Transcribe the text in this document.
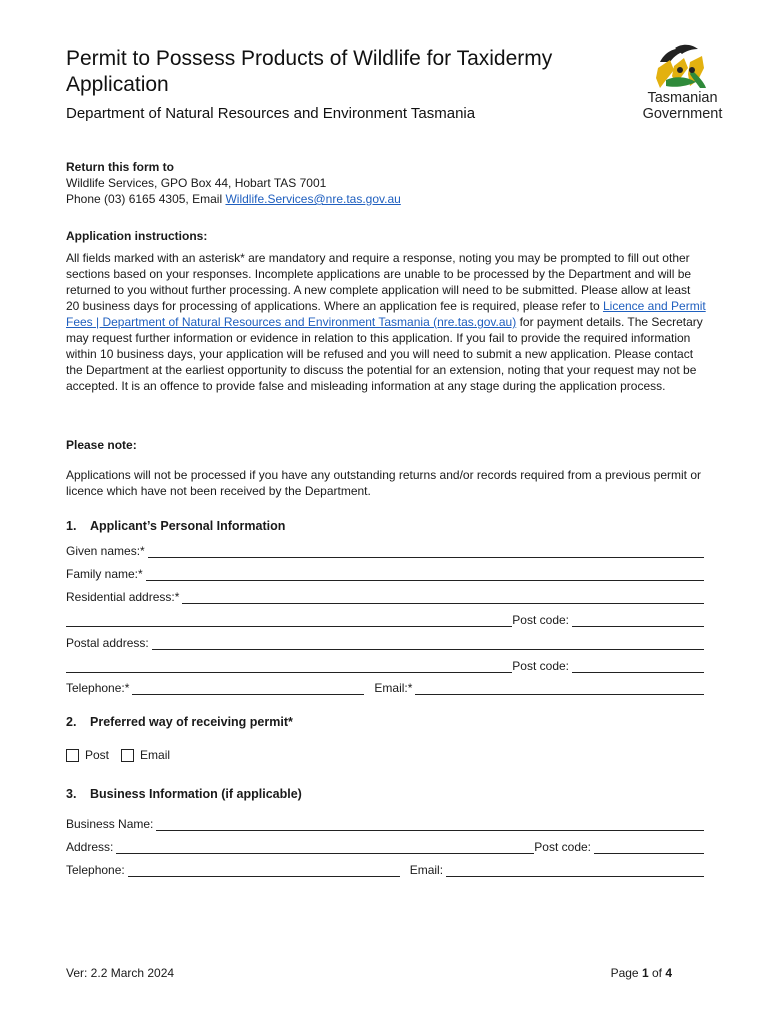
Permit to Possess Products of Wildlife for Taxidermy Application
Department of Natural Resources and Environment Tasmania
Tasmanian
Government
Return this form to
Wildlife Services, GPO Box 44, Hobart TAS 7001
Phone (03) 6165 4305, Email Wildlife.Services@nre.tas.gov.au
Application instructions:
All fields marked with an asterisk* are mandatory and require a response, noting you may be prompted to fill out other sections based on your responses. Incomplete applications are unable to be processed by the Department and will be returned to you without further processing. A new complete application will need to be submitted. Please allow at least 20 business days for processing of applications. Where an application fee is required, please refer to Licence and Permit Fees | Department of Natural Resources and Environment Tasmania (nre.tas.gov.au) for payment details. The Secretary may request further information or evidence in relation to this application. If you fail to provide the required information within 10 business days, your application will be refused and you will need to submit a new application. Please contact the Department at the earliest opportunity to discuss the potential for an extension, noting that your request may not be accepted. It is an offence to provide false and misleading information at any stage during the application process.
Please note:
Applications will not be processed if you have any outstanding returns and/or records required from a previous permit or licence which have not been received by the Department.
1. Applicant’s Personal Information
Given names:*
Family name:*
Residential address:*
Post code:
Postal address:
Post code:
Telephone:*	Email:*
2. Preferred way of receiving permit*
Post	Email
3. Business Information (if applicable)
Business Name:
Address:	Post code:
Telephone:	Email:
Ver: 2.2 March 2024	Page 1 of 4
